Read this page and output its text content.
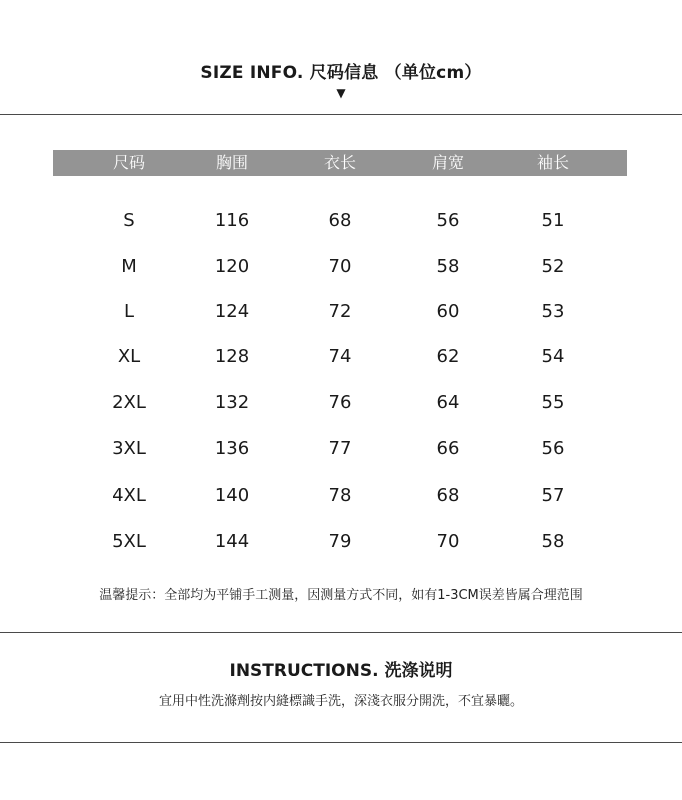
SIZE INFO. 尺码信息 （单位cm）
▼
尺码	胸围	衣长	肩宽	袖长
S	116	68	56	51
M	120	70	58	52
L	124	72	60	53
XL	128	74	62	54
2XL	132	76	64	55
3XL	136	77	66	56
4XL	140	78	68	57
5XL	144	79	70	58
温馨提示：全部均为平铺手工测量，因测量方式不同，如有1-3CM误差皆属合理范围
INSTRUCTIONS. 洗涤说明
宜用中性洗滌劑按内縫標識手洗，深淺衣服分開洗，不宜暴曬。
